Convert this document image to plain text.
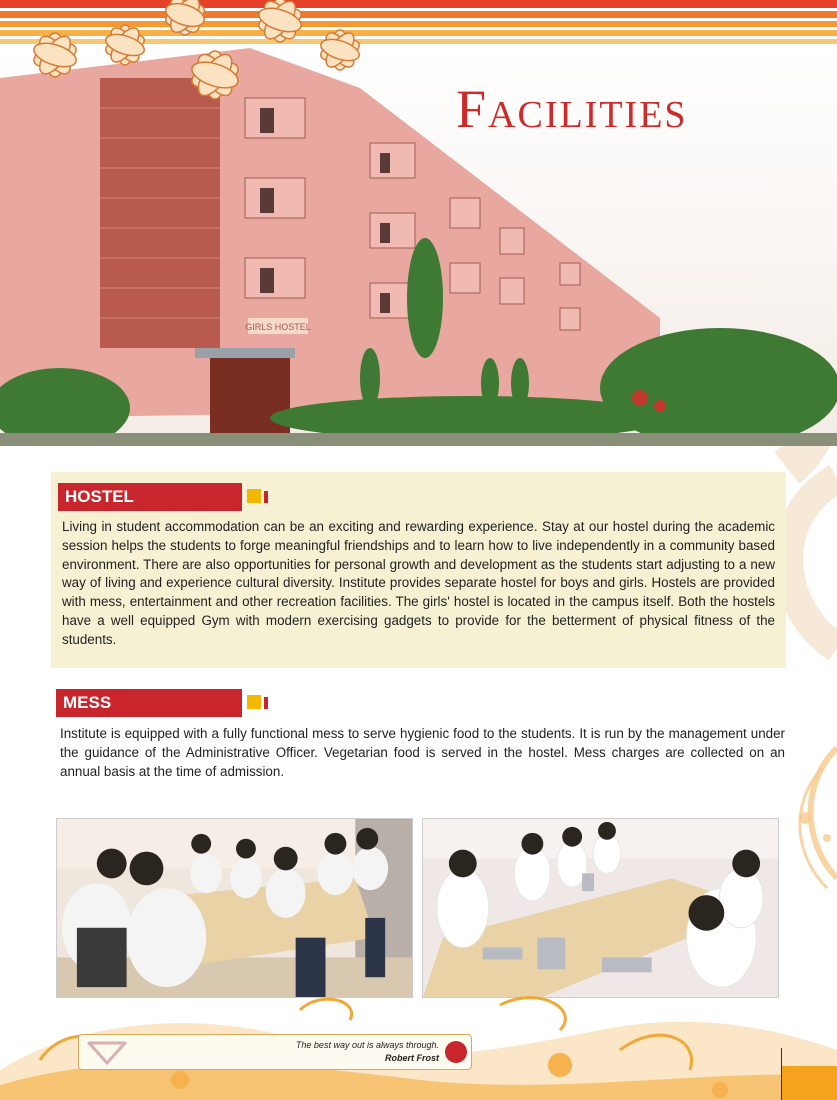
GIRLS HOSTEL
Facilities
HOSTEL

Living in student accommodation can be an exciting and rewarding experience. Stay at our hostel during the academic session helps the students to forge meaningful friendships and to learn how to live independently in a community based environment. There are also opportunities for personal growth and development as the students start adjusting to a new way of living and experience cultural diversity. Institute provides separate hostel for boys and girls. Hostels are provided with mess, entertainment and other recreation facilities. The girls' hostel is located in the campus itself. Both the hostels have a well equipped Gym with modern exercising gadgets to provide for the betterment of physical fitness of the students.

MESS

Institute is equipped with a fully functional mess to serve hygienic food to the students. It is run by the management under the guidance of the Administrative Officer. Vegetarian food is served in the hostel. Mess charges are collected on an annual basis at the time of admission.

The best way out is always through.
Robert Frost
